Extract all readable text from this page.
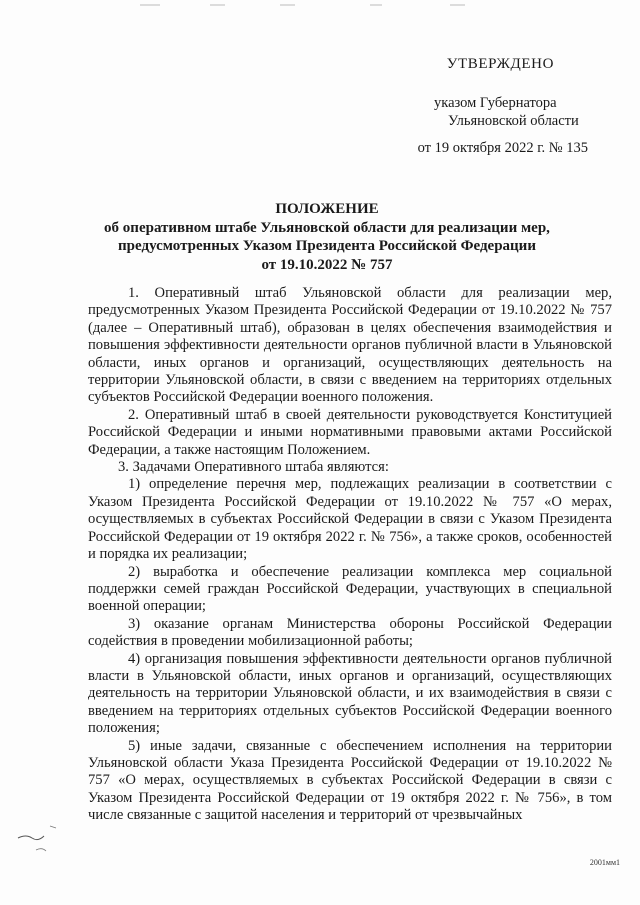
УТВЕРЖДЕНО
указом Губернатора
Ульяновской области
от 19 октября 2022 г. № 135
ПОЛОЖЕНИЕ
об оперативном штабе Ульяновской области для реализации мер,
предусмотренных Указом Президента Российской Федерации
от 19.10.2022 № 757

1. Оперативный штаб Ульяновской области для реализации мер, предусмотренных Указом Президента Российской Федерации от 19.10.2022 № 757 (далее – Оперативный штаб), образован в целях обеспечения взаимодействия и повышения эффективности деятельности органов публичной власти в Ульяновской области, иных органов и организаций, осуществляющих деятельность на территории Ульяновской области, в связи с введением на территориях отдельных субъектов Российской Федерации военного положения.

2. Оперативный штаб в своей деятельности руководствуется Конституцией Российской Федерации и иными нормативными правовыми актами Российской Федерации, а также настоящим Положением.

3. Задачами Оперативного штаба являются:

1) определение перечня мер, подлежащих реализации в соответствии с Указом Президента Российской Федерации от 19.10.2022 № 757 «О мерах, осуществляемых в субъектах Российской Федерации в связи с Указом Президента Российской Федерации от 19 октября 2022 г. № 756», а также сроков, особенностей и порядка их реализации;

2) выработка и обеспечение реализации комплекса мер социальной поддержки семей граждан Российской Федерации, участвующих в специальной военной операции;

3) оказание органам Министерства обороны Российской Федерации содействия в проведении мобилизационной работы;

4) организация повышения эффективности деятельности органов публичной власти в Ульяновской области, иных органов и организаций, осуществляющих деятельность на территории Ульяновской области, и их взаимодействия в связи с введением на территориях отдельных субъектов Российской Федерации военного положения;

5) иные задачи, связанные с обеспечением исполнения на территории Ульяновской области Указа Президента Российской Федерации от 19.10.2022 № 757 «О мерах, осуществляемых в субъектах Российской Федерации в связи с Указом Президента Российской Федерации от 19 октября 2022 г. № 756», в том числе связанные с защитой населения и территорий от чрезвычайных

2001мм1
